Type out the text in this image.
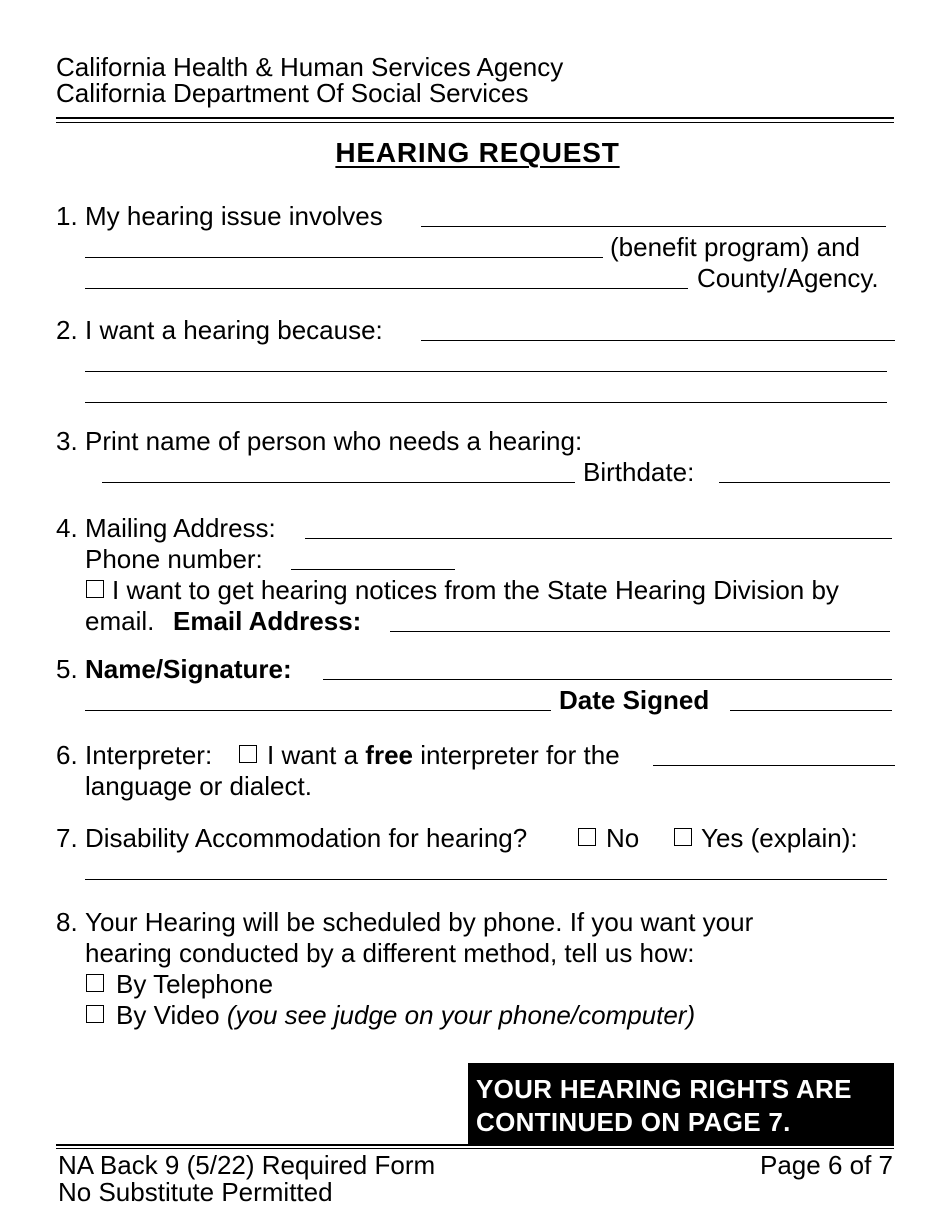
California Health & Human Services Agency
California Department Of Social Services
HEARING REQUEST
1. My hearing issue involves
(benefit program) and
County/Agency.
2. I want a hearing because:
3. Print name of person who needs a hearing:
Birthdate:
4. Mailing Address:
Phone number:
I want to get hearing notices from the State Hearing Division by
email. Email Address:
5. Name/Signature:
Date Signed
6. Interpreter: I want a free interpreter for the
language or dialect.
7. Disability Accommodation for hearing?	No Yes (explain):
8. Your Hearing will be scheduled by phone. If you want your
hearing conducted by a different method, tell us how:
By Telephone
By Video (you see judge on your phone/computer)
YOUR HEARING RIGHTS ARE
CONTINUED ON PAGE 7.
NA Back 9 (5/22) Required Form
No Substitute Permitted
Page 6 of 7
